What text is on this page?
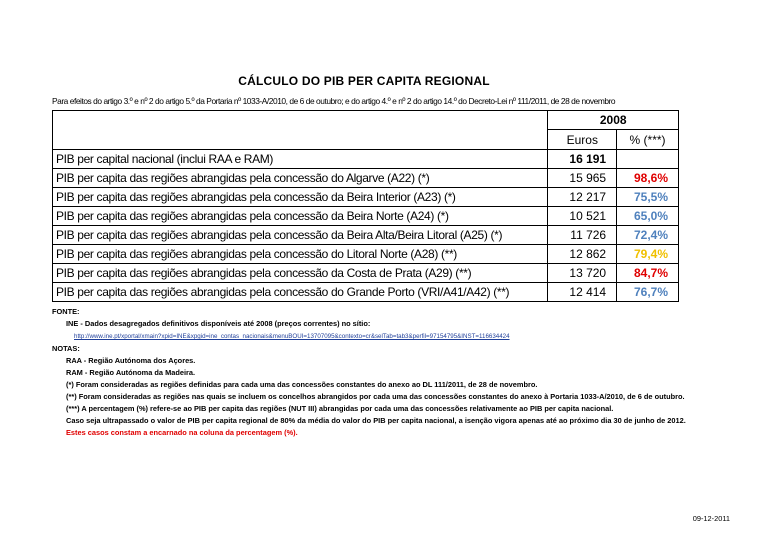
CÁLCULO DO PIB PER CAPITA REGIONAL
Para efeitos do artigo 3.º e nº 2 do artigo 5.º da Portaria nº 1033-A/2010, de 6 de outubro; e do artigo 4.º e nº 2 do artigo 14.º do Decreto-Lei nº 111/2011, de 28 de novembro
	2008	
	Euros	% (***)
PIB per capital nacional (inclui RAA e RAM)	16 191	
PIB per capita das regiões abrangidas pela concessão do Algarve (A22) (*)	15 965	98,6%
PIB per capita das regiões abrangidas pela concessão da Beira Interior (A23) (*)	12 217	75,5%
PIB per capita das regiões abrangidas pela concessão da Beira Norte (A24) (*)	10 521	65,0%
PIB per capita das regiões abrangidas pela concessão da Beira Alta/Beira Litoral (A25) (*)	11 726	72,4%
PIB per capita das regiões abrangidas pela concessão do Litoral Norte (A28) (**)	12 862	79,4%
PIB per capita das regiões abrangidas pela concessão da Costa de Prata (A29) (**)	13 720	84,7%
PIB per capita das regiões abrangidas pela concessão do Grande Porto (VRI/A41/A42) (**)	12 414	76,7%
FONTE:
INE - Dados desagregados definitivos disponíveis até 2008 (preços correntes) no sítio:
http://www.ine.pt/xportal/xmain?xpid=INE&xpgid=ine_contas_nacionais&menuBOUI=13707095&contexto=cr&selTab=tab3&perfil=97154795&INST=116634424
NOTAS:
RAA - Região Autónoma dos Açores.
RAM - Região Autónoma da Madeira.
(*) Foram consideradas as regiões definidas para cada uma das concessões constantes do anexo ao DL 111/2011, de 28 de novembro.
(**) Foram consideradas as regiões nas quais se incluem os concelhos abrangidos por cada uma das concessões constantes do anexo à Portaria 1033-A/2010, de 6 de outubro.
(***) A percentagem (%) refere-se ao PIB per capita das regiões (NUT III) abrangidas por cada uma das concessões relativamente ao PIB per capita nacional.
Caso seja ultrapassado o valor de PIB per capita regional de 80% da média do valor do PIB per capita nacional, a isenção vigora apenas até ao próximo dia 30 de junho de 2012.
Estes casos constam a encarnado na coluna da percentagem (%).
09-12-2011
